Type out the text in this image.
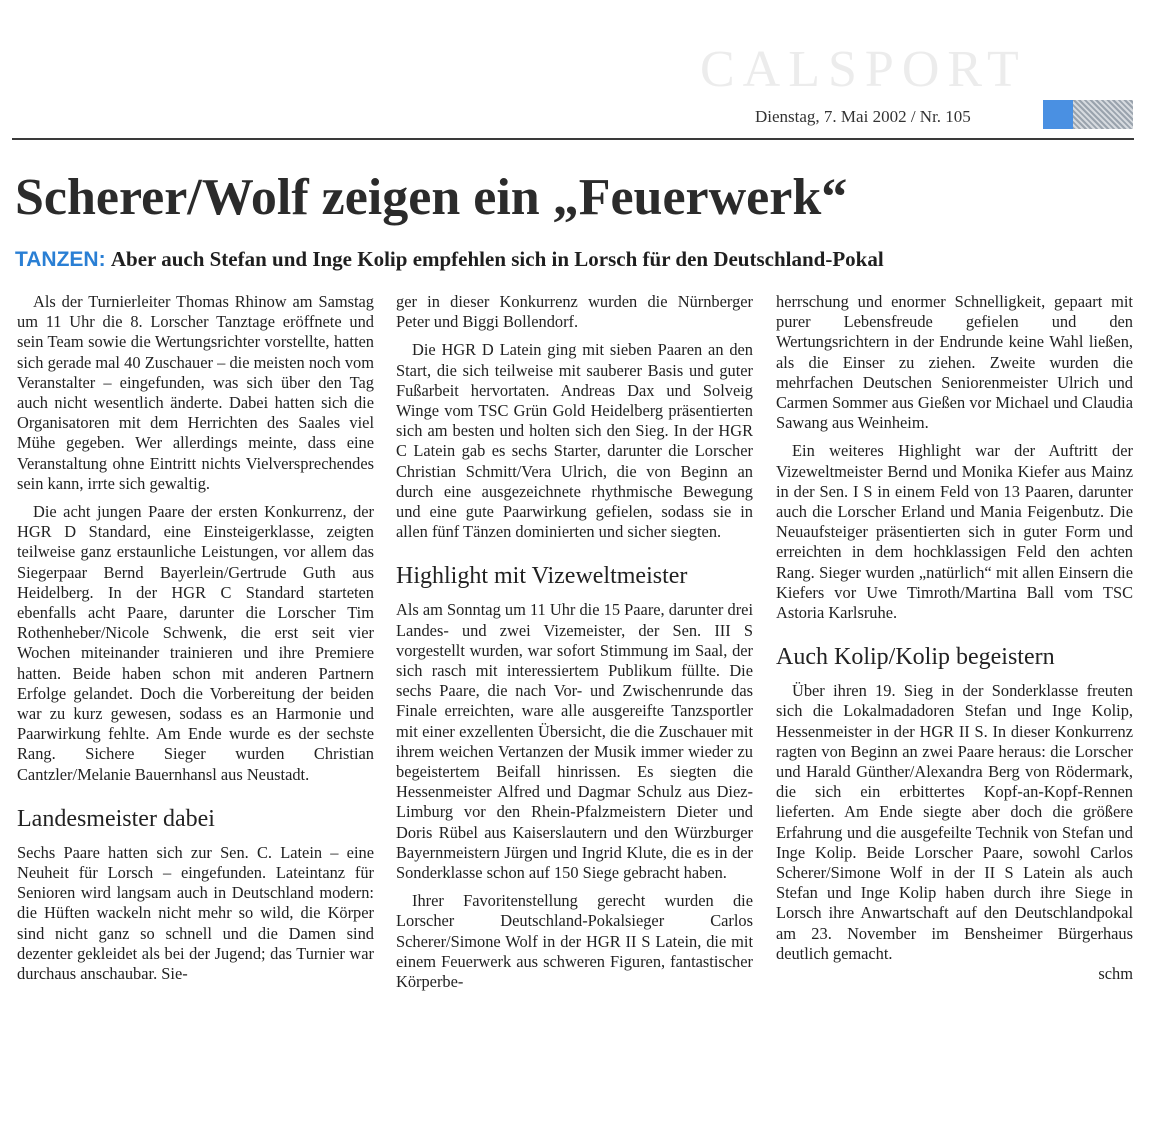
CALSPORT
Dienstag, 7. Mai 2002 / Nr. 105
Scherer/Wolf zeigen ein „Feuerwerk“
TANZEN: Aber auch Stefan und Inge Kolip empfehlen sich in Lorsch für den Deutschland-Pokal

Als der Turnierleiter Thomas Rhinow am Samstag um 11 Uhr die 8. Lorscher Tanztage eröffnete und sein Team sowie die Wertungsrichter vorstellte, hatten sich gerade mal 40 Zuschauer – die meisten noch vom Veranstalter – eingefunden, was sich über den Tag auch nicht wesentlich änderte. Dabei hatten sich die Organisatoren mit dem Herrichten des Saales viel Mühe gegeben. Wer allerdings meinte, dass eine Veranstaltung ohne Eintritt nichts Vielversprechendes sein kann, irrte sich gewaltig.

Die acht jungen Paare der ersten Konkurrenz, der HGR D Standard, eine Einsteigerklasse, zeigten teilweise ganz erstaunliche Leistungen, vor allem das Siegerpaar Bernd Bayerlein/Gertrude Guth aus Heidelberg. In der HGR C Standard starteten ebenfalls acht Paare, darunter die Lorscher Tim Rothenheber/Nicole Schwenk, die erst seit vier Wochen miteinander trainieren und ihre Premiere hatten. Beide haben schon mit anderen Partnern Erfolge gelandet. Doch die Vorbereitung der beiden war zu kurz gewesen, sodass es an Harmonie und Paarwirkung fehlte. Am Ende wurde es der sechste Rang. Sichere Sieger wurden Christian Cantzler/Melanie Bauernhansl aus Neustadt.

Landesmeister dabei

Sechs Paare hatten sich zur Sen. C. Latein – eine Neuheit für Lorsch – eingefunden. Lateintanz für Senioren wird langsam auch in Deutschland modern: die Hüften wackeln nicht mehr so wild, die Körper sind nicht ganz so schnell und die Damen sind dezenter gekleidet als bei der Jugend; das Turnier war durchaus anschaubar. Sie-

ger in dieser Konkurrenz wurden die Nürnberger Peter und Biggi Bollendorf.

Die HGR D Latein ging mit sieben Paaren an den Start, die sich teilweise mit sauberer Basis und guter Fußarbeit hervortaten. Andreas Dax und Solveig Winge vom TSC Grün Gold Heidelberg präsentierten sich am besten und holten sich den Sieg. In der HGR C Latein gab es sechs Starter, darunter die Lorscher Christian Schmitt/Vera Ulrich, die von Beginn an durch eine ausgezeichnete rhythmische Bewegung und eine gute Paarwirkung gefielen, sodass sie in allen fünf Tänzen dominierten und sicher siegten.

Highlight mit Vizeweltmeister

Als am Sonntag um 11 Uhr die 15 Paare, darunter drei Landes- und zwei Vizemeister, der Sen. III S vorgestellt wurden, war sofort Stimmung im Saal, der sich rasch mit interessiertem Publikum füllte. Die sechs Paare, die nach Vor- und Zwischenrunde das Finale erreichten, ware alle ausgereifte Tanzsportler mit einer exzellenten Übersicht, die die Zuschauer mit ihrem weichen Vertanzen der Musik immer wieder zu begeistertem Beifall hinrissen. Es siegten die Hessenmeister Alfred und Dagmar Schulz aus Diez-Limburg vor den Rhein-Pfalzmeistern Dieter und Doris Rübel aus Kaiserslautern und den Würzburger Bayernmeistern Jürgen und Ingrid Klute, die es in der Sonderklasse schon auf 150 Siege gebracht haben.

Ihrer Favoritenstellung gerecht wurden die Lorscher Deutschland-Pokalsieger Carlos Scherer/Simone Wolf in der HGR II S Latein, die mit einem Feuerwerk aus schweren Figuren, fantastischer Körperbe-

herrschung und enormer Schnelligkeit, gepaart mit purer Lebensfreude gefielen und den Wertungsrichtern in der Endrunde keine Wahl ließen, als die Einser zu ziehen. Zweite wurden die mehrfachen Deutschen Seniorenmeister Ulrich und Carmen Sommer aus Gießen vor Michael und Claudia Sawang aus Weinheim.

Ein weiteres Highlight war der Auftritt der Vizeweltmeister Bernd und Monika Kiefer aus Mainz in der Sen. I S in einem Feld von 13 Paaren, darunter auch die Lorscher Erland und Mania Feigenbutz. Die Neuaufsteiger präsentierten sich in guter Form und erreichten in dem hochklassigen Feld den achten Rang. Sieger wurden „natürlich“ mit allen Einsern die Kiefers vor Uwe Timroth/Martina Ball vom TSC Astoria Karlsruhe.

Auch Kolip/Kolip begeistern

Über ihren 19. Sieg in der Sonderklasse freuten sich die Lokalmadadoren Stefan und Inge Kolip, Hessenmeister in der HGR II S. In dieser Konkurrenz ragten von Beginn an zwei Paare heraus: die Lorscher und Harald Günther/Alexandra Berg von Rödermark, die sich ein erbittertes Kopf-an-Kopf-Rennen lieferten. Am Ende siegte aber doch die größere Erfahrung und die ausgefeilte Technik von Stefan und Inge Kolip. Beide Lorscher Paare, sowohl Carlos Scherer/Simone Wolf in der II S Latein als auch Stefan und Inge Kolip haben durch ihre Siege in Lorsch ihre Anwartschaft auf den Deutschlandpokal am 23. November im Bensheimer Bürgerhaus deutlich gemacht.

schm
